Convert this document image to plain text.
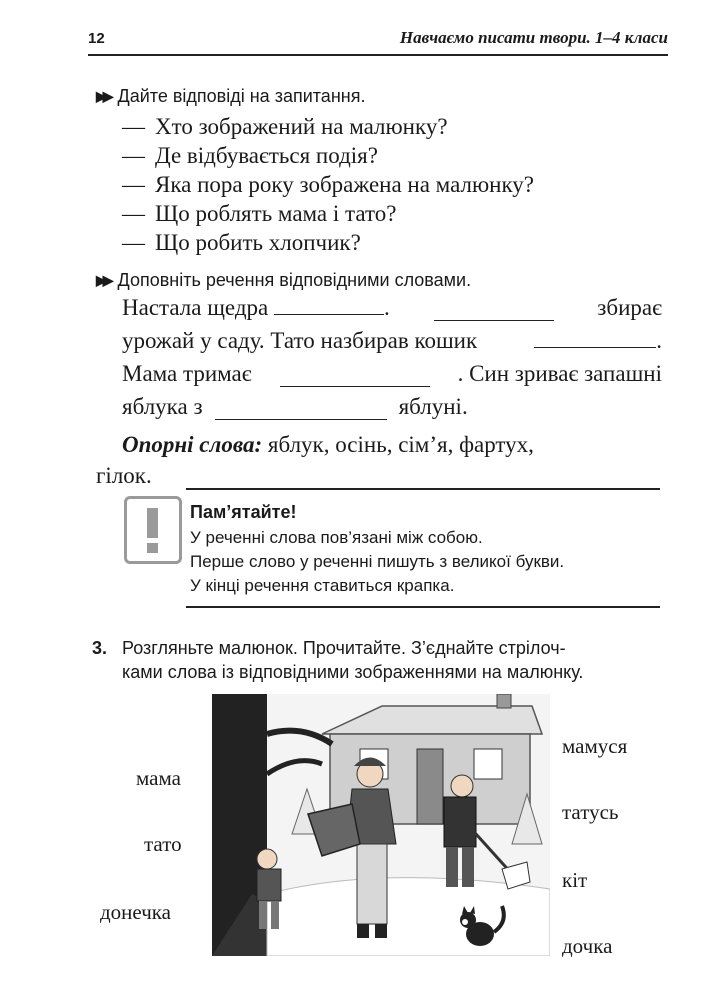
12	Навчаємо писати твори. 1–4 класи
▶▶ Дайте відповіді на запитання.
— Хто зображений на малюнку?
— Де відбувається подія?
— Яка пора року зображена на малюнку?
— Що роблять мама і тато?
— Що робить хлопчик?
▶▶ Доповніть речення відповідними словами.
Настала щедра	.	збирає
урожай у саду. Тато назбирав кошик	.
Мама тримає	. Син зриває запашні
яблука з	яблуні.
Опорні слова: яблук, осінь, сім’я, фартух,
гілок.
Пам’ятайте!
У реченні слова пов’язані між собою.
Перше слово у реченні пишуть з великої букви.
У кінці речення ставиться крапка.
3. Розгляньте малюнок. Прочитайте. З’єднайте стрілоч-
ками слова із відповідними зображеннями на малюнку.
мама
тато
донечка
мамуся
татусь
кіт
дочка
